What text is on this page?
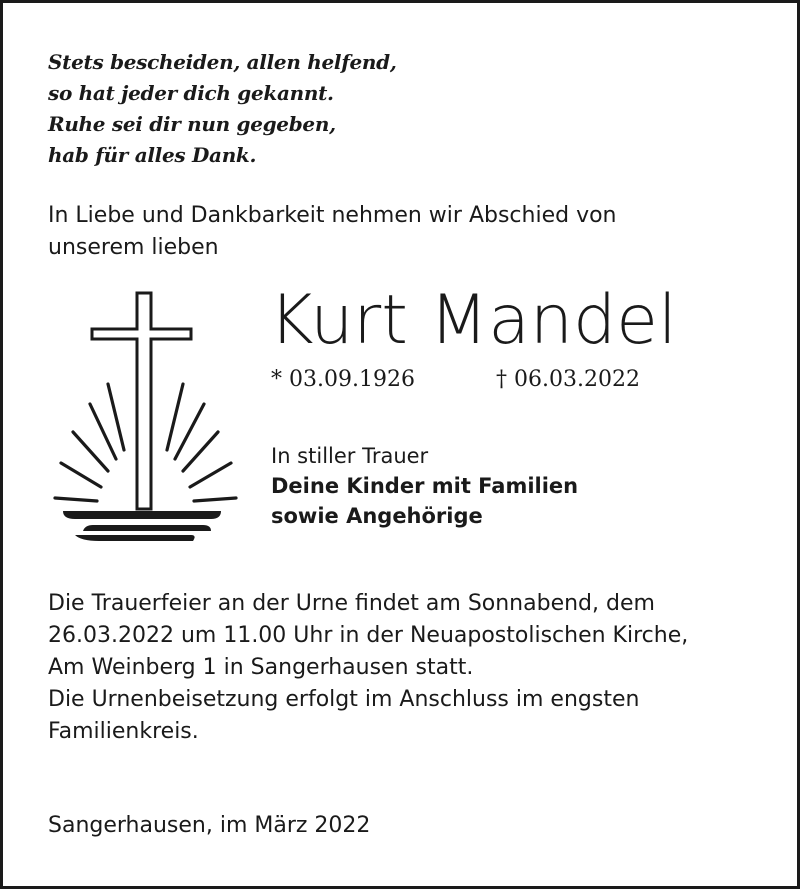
Stets bescheiden, allen helfend,
so hat jeder dich gekannt.
Ruhe sei dir nun gegeben,
hab für alles Dank.
In Liebe und Dankbarkeit nehmen wir Abschied von
unserem lieben
Kurt Mandel
* 03.09.1926	† 06.03.2022
In stiller Trauer
Deine Kinder mit Familien
sowie Angehörige
Die Trauerfeier an der Urne findet am Sonnabend, dem
26.03.2022 um 11.00 Uhr in der Neuapostolischen Kirche,
Am Weinberg 1 in Sangerhausen statt.
Die Urnenbeisetzung erfolgt im Anschluss im engsten
Familienkreis.
Sangerhausen, im März 2022
